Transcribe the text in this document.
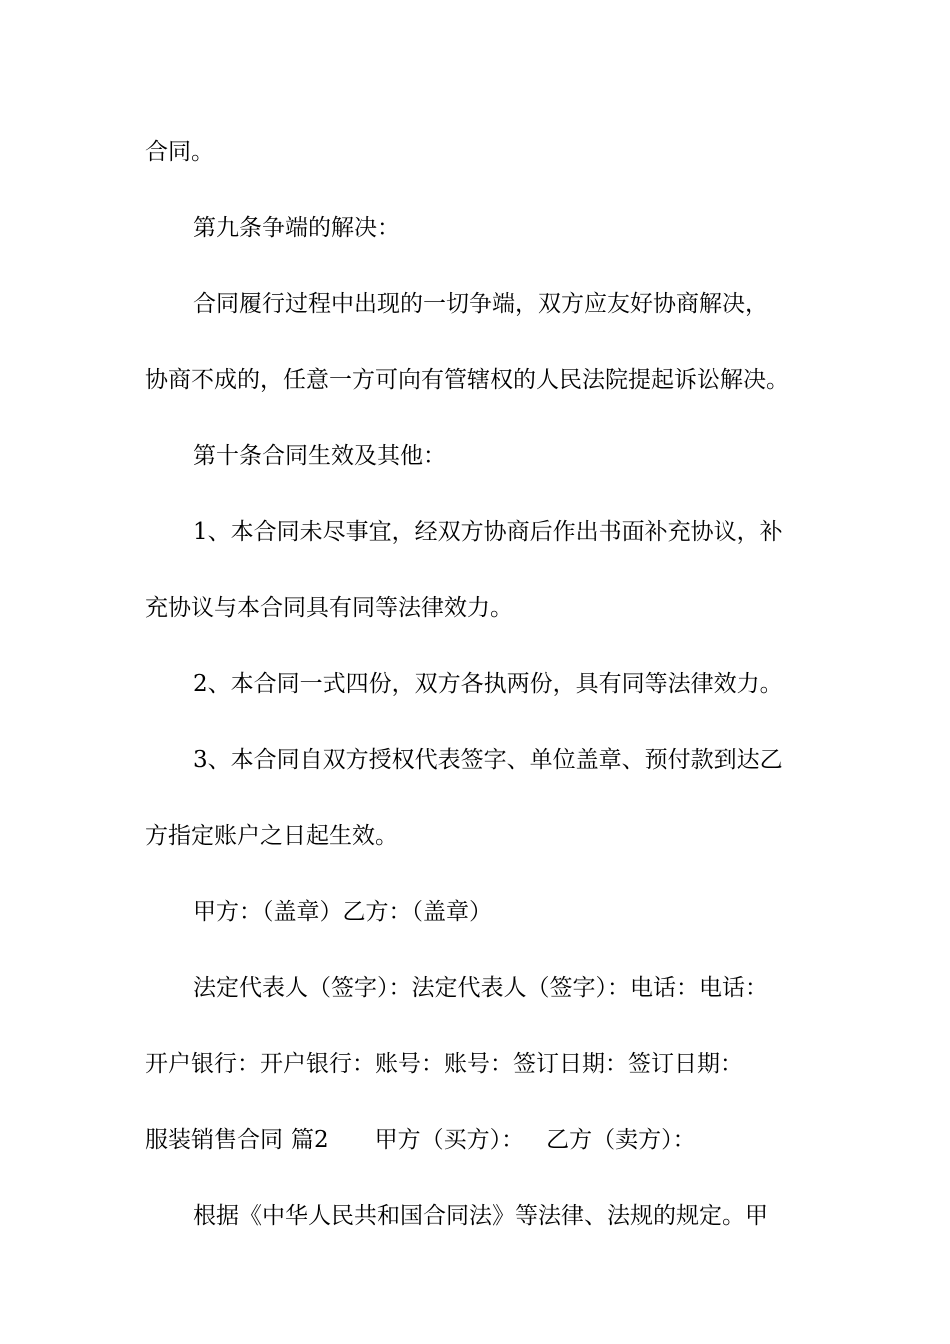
合同。
第九条争端的解决：
合同履行过程中出现的一切争端，双方应友好协商解决，
协商不成的，任意一方可向有管辖权的人民法院提起诉讼解决。
第十条合同生效及其他：
1、本合同未尽事宜，经双方协商后作出书面补充协议，补
充协议与本合同具有同等法律效力。
2、本合同一式四份，双方各执两份，具有同等法律效力。
3、本合同自双方授权代表签字、单位盖章、预付款到达乙
方指定账户之日起生效。
甲方：（盖章）乙方：（盖章）
法定代表人（签字）：法定代表人（签字）：电话：电话：
开户银行：开户银行：账号：账号：签订日期：签订日期：
服装销售合同 篇2 甲方（买方）： 乙方（卖方）：
根据《中华人民共和国合同法》等法律、法规的规定。甲
